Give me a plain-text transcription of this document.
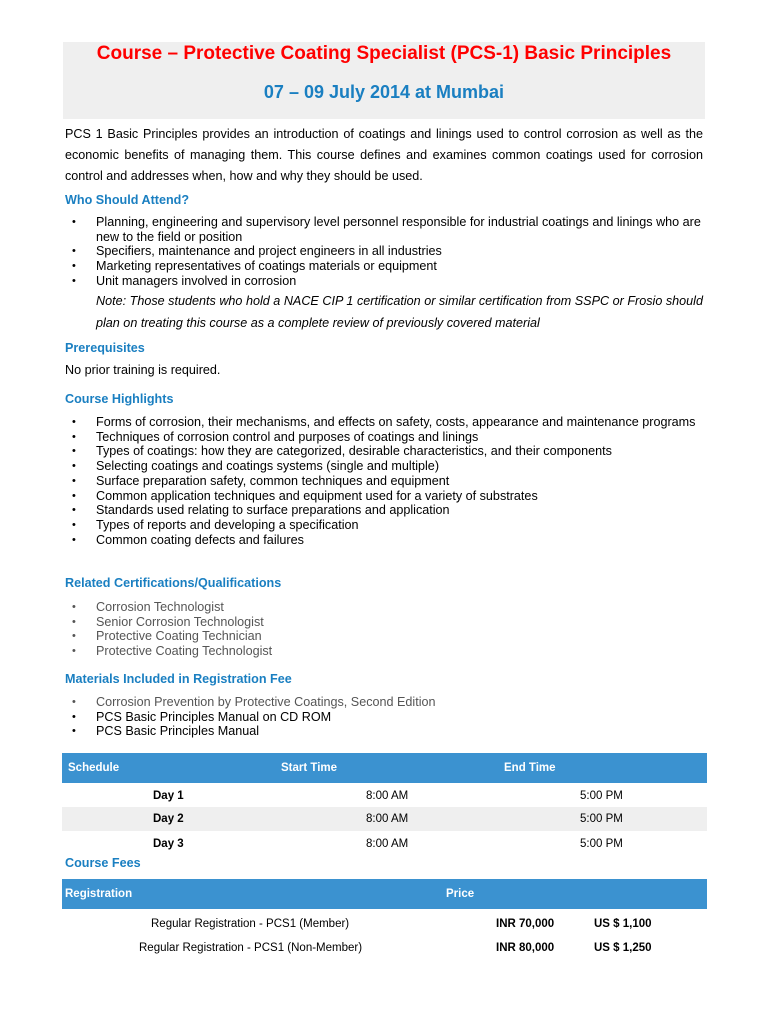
Course – Protective Coating Specialist (PCS-1) Basic Principles
07 – 09 July 2014 at Mumbai
PCS 1 Basic Principles provides an introduction of coatings and linings used to control corrosion as well as the economic benefits of managing them. This course defines and examines common coatings used for corrosion control and addresses when, how and why they should be used.
Who Should Attend?
• Planning, engineering and supervisory level personnel responsible for industrial coatings and linings who are new to the field or position
• Specifiers, maintenance and project engineers in all industries
• Marketing representatives of coatings materials or equipment
• Unit managers involved in corrosion
Note: Those students who hold a NACE CIP 1 certification or similar certification from SSPC or Frosio should plan on treating this course as a complete review of previously covered material
Prerequisites
No prior training is required.
Course Highlights
• Forms of corrosion, their mechanisms, and effects on safety, costs, appearance and maintenance programs
• Techniques of corrosion control and purposes of coatings and linings
• Types of coatings: how they are categorized, desirable characteristics, and their components
• Selecting coatings and coatings systems (single and multiple)
• Surface preparation safety, common techniques and equipment
• Common application techniques and equipment used for a variety of substrates
• Standards used relating to surface preparations and application
• Types of reports and developing a specification
• Common coating defects and failures
Related Certifications/Qualifications
• Corrosion Technologist
• Senior Corrosion Technologist
• Protective Coating Technician
• Protective Coating Technologist
Materials Included in Registration Fee
• Corrosion Prevention by Protective Coatings, Second Edition
• PCS Basic Principles Manual on CD ROM
• PCS Basic Principles Manual
Schedule	Start Time	End Time
Day 1	8:00 AM	5:00 PM
Day 2	8:00 AM	5:00 PM
Day 3	8:00 AM	5:00 PM
Course Fees
Registration	Price
Regular Registration - PCS1 (Member)	INR 70,000	US $ 1,100
Regular Registration - PCS1 (Non-Member)	INR 80,000	US $ 1,250
